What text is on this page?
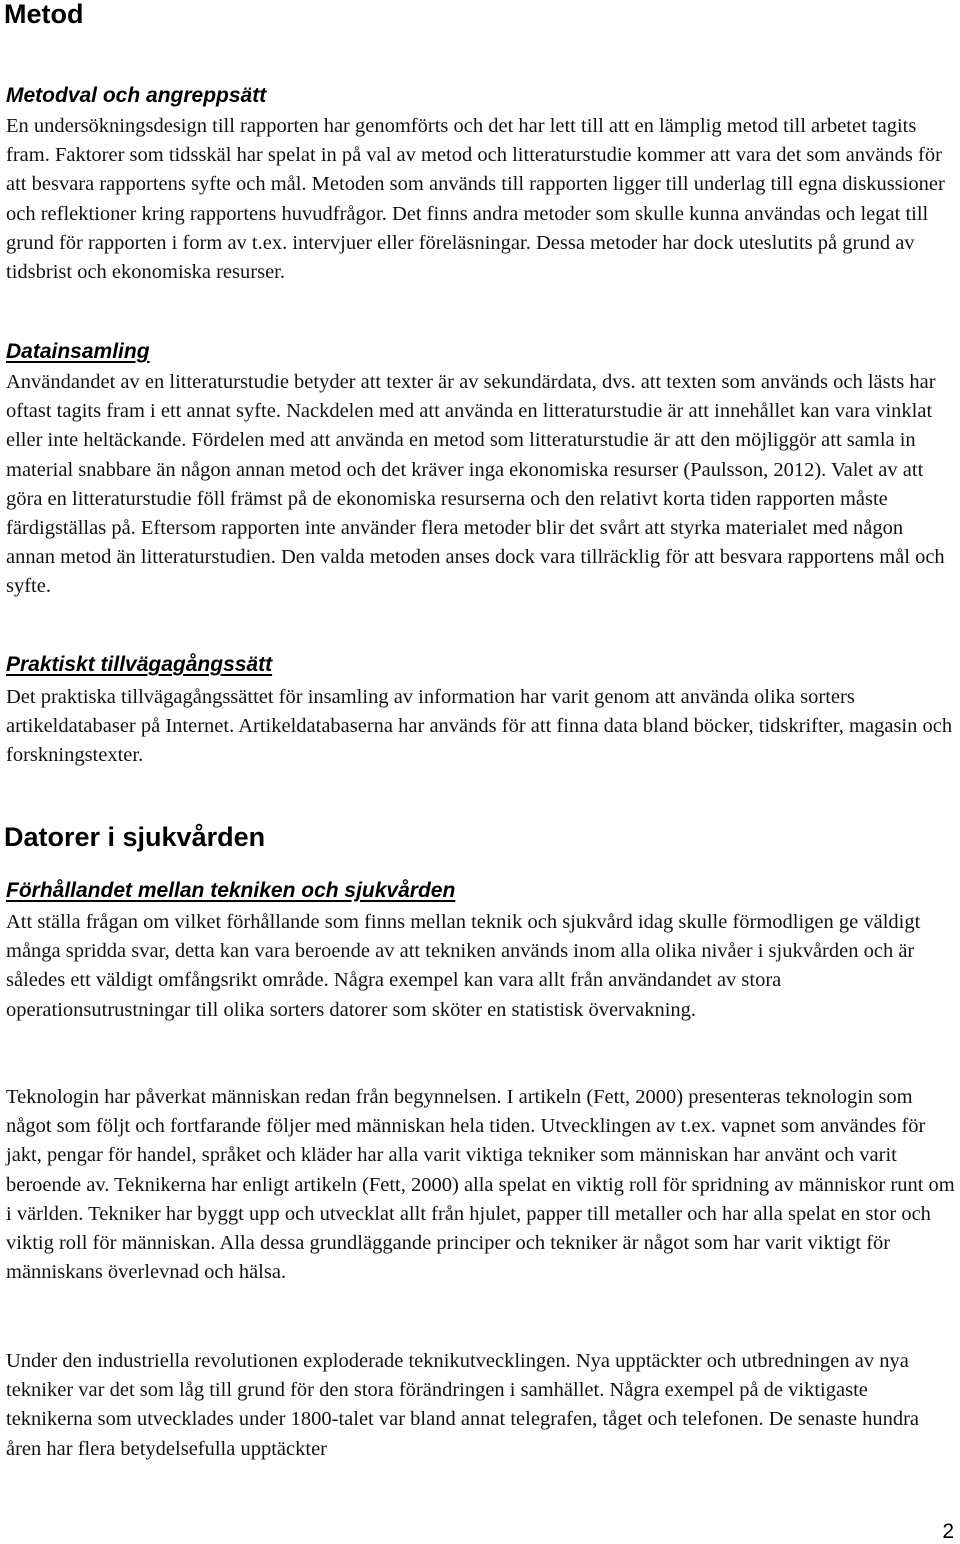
Metod
Metodval och angreppsätt

En undersökningsdesign till rapporten har genomförts och det har lett till att en lämplig metod till arbetet tagits fram. Faktorer som tidsskäl har spelat in på val av metod och litteraturstudie kommer att vara det som används för att besvara rapportens syfte och mål. Metoden som används till rapporten ligger till underlag till egna diskussioner och reflektioner kring rapportens huvudfrågor. Det finns andra metoder som skulle kunna användas och legat till grund för rapporten i form av t.ex. intervjuer eller föreläsningar. Dessa metoder har dock uteslutits på grund av tidsbrist och ekonomiska resurser.

Datainsamling

Användandet av en litteraturstudie betyder att texter är av sekundärdata, dvs. att texten som används och lästs har oftast tagits fram i ett annat syfte. Nackdelen med att använda en litteraturstudie är att innehållet kan vara vinklat eller inte heltäckande. Fördelen med att använda en metod som litteraturstudie är att den möjliggör att samla in material snabbare än någon annan metod och det kräver inga ekonomiska resurser (Paulsson, 2012). Valet av att göra en litteraturstudie föll främst på de ekonomiska resurserna och den relativt korta tiden rapporten måste färdigställas på. Eftersom rapporten inte använder flera metoder blir det svårt att styrka materialet med någon annan metod än litteraturstudien. Den valda metoden anses dock vara tillräcklig för att besvara rapportens mål och syfte.

Praktiskt tillvägagångssätt

Det praktiska tillvägagångssättet för insamling av information har varit genom att använda olika sorters artikeldatabaser på Internet. Artikeldatabaserna har används för att finna data bland böcker, tidskrifter, magasin och forskningstexter.

Datorer i sjukvården
Förhållandet mellan tekniken och sjukvården

Att ställa frågan om vilket förhållande som finns mellan teknik och sjukvård idag skulle förmodligen ge väldigt många spridda svar, detta kan vara beroende av att tekniken används inom alla olika nivåer i sjukvården och är således ett väldigt omfångsrikt område. Några exempel kan vara allt från användandet av stora operationsutrustningar till olika sorters datorer som sköter en statistisk övervakning.

Teknologin har påverkat människan redan från begynnelsen. I artikeln (Fett, 2000) presenteras teknologin som något som följt och fortfarande följer med människan hela tiden. Utvecklingen av t.ex. vapnet som användes för jakt, pengar för handel, språket och kläder har alla varit viktiga tekniker som människan har använt och varit beroende av. Teknikerna har enligt artikeln (Fett, 2000) alla spelat en viktig roll för spridning av människor runt om i världen. Tekniker har byggt upp och utvecklat allt från hjulet, papper till metaller och har alla spelat en stor och viktig roll för människan. Alla dessa grundläggande principer och tekniker är något som har varit viktigt för människans överlevnad och hälsa.

Under den industriella revolutionen exploderade teknikutvecklingen. Nya upptäckter och utbredningen av nya tekniker var det som låg till grund för den stora förändringen i samhället. Några exempel på de viktigaste teknikerna som utvecklades under 1800-talet var bland annat telegrafen, tåget och telefonen. De senaste hundra åren har flera betydelsefulla upptäckter

2
